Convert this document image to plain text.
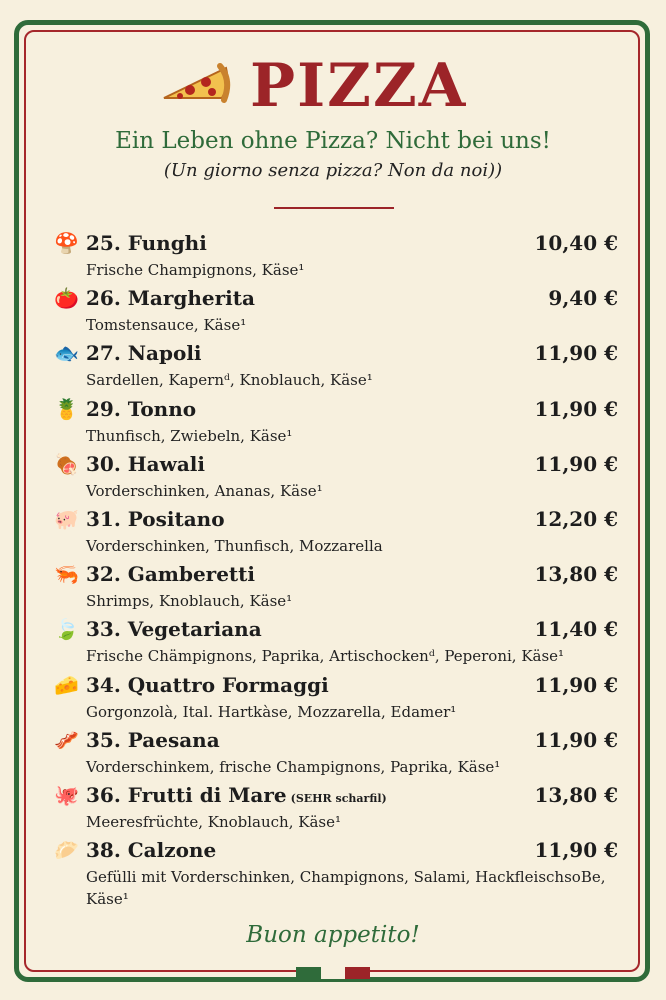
PIZZA
Ein Leben ohne Pizza? Nicht bei uns!
(Un giorno senza pizza? Non da noi))
🍄 25. Funghi	10,40 €
Frische Champignons, Käse¹
🍅 26. Margherita	9,40 €
Tomstensauce, Käse¹
🐟 27. Napoli	11,90 €
Sardellen, Kapernᵈ, Knoblauch, Käse¹
🍍 29. Tonno	11,90 €
Thunfisch, Zwiebeln, Käse¹
🍖 30. Hawali	11,90 €
Vorderschinken, Ananas, Käse¹
🐖 31. Positano	12,20 €
Vorderschinken, Thunfisch, Mozzarella
🦐 32. Gamberetti	13,80 €
Shrimps, Knoblauch, Käse¹
🍃 33. Vegetariana	11,40 €
Frische Chämpignons, Paprika, Artischockenᵈ, Peperoni, Käse¹
🧀 34. Quattro Formaggi	11,90 €
Gorgonzolà, Ital. Hartkàse, Mozzarella, Edamer¹
🥓 35. Paesana	11,90 €
Vorderschinkem, frische Champignons, Paprika, Käse¹
🐙 36. Frutti di Mare (SEHR scharfil)	13,80 €
Meeresfrüchte, Knoblauch, Käse¹
🥟 38. Calzone	11,90 €
Gefülli mit Vorderschinken, Champignons, Salami, HackfleischsoBe, Käse¹
Buon appetito!
